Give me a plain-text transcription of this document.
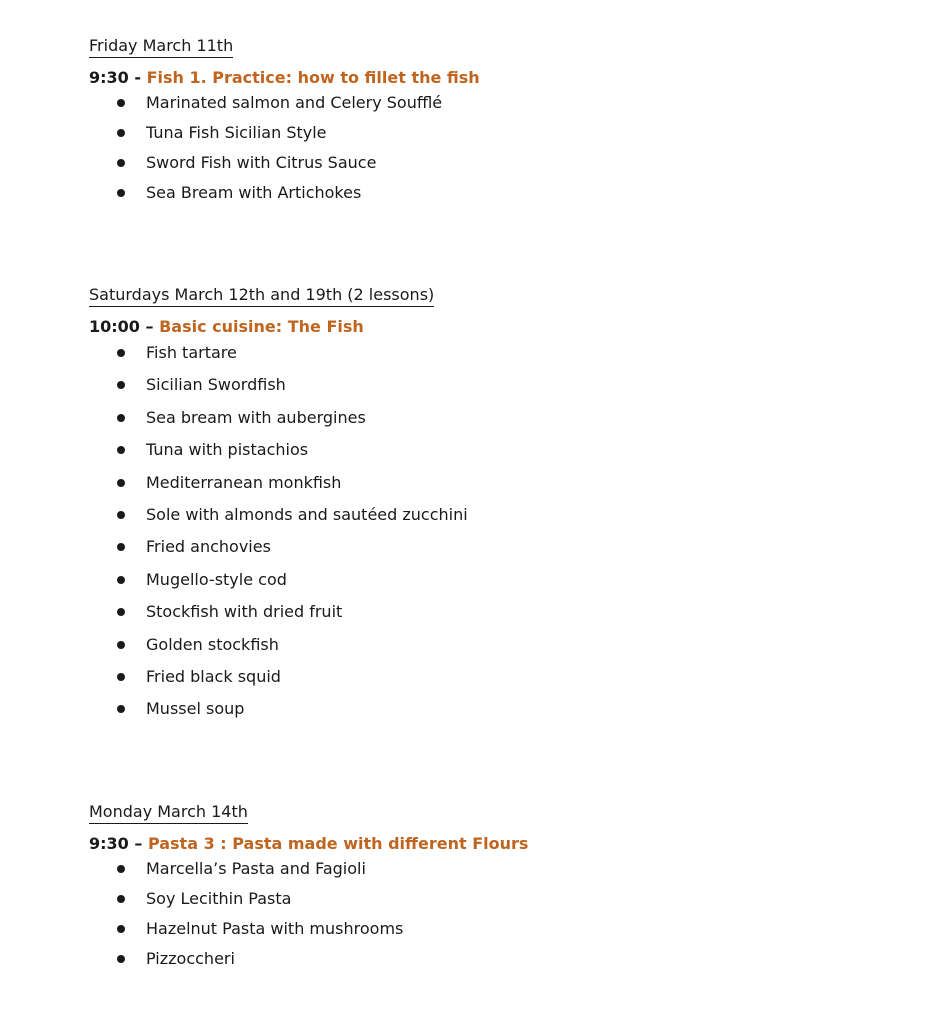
Friday March 11th
9:30 - Fish 1. Practice: how to fillet the fish
Marinated salmon and Celery Soufflé
Tuna Fish Sicilian Style
Sword Fish with Citrus Sauce
Sea Bream with Artichokes
Saturdays March 12th and 19th (2 lessons)
10:00 – Basic cuisine: The Fish
Fish tartare
Sicilian Swordfish
Sea bream with aubergines
Tuna with pistachios
Mediterranean monkfish
Sole with almonds and sautéed zucchini
Fried anchovies
Mugello-style cod
Stockfish with dried fruit
Golden stockfish
Fried black squid
Mussel soup
Monday March 14th
9:30 – Pasta 3 : Pasta made with different Flours
Marcella’s Pasta and Fagioli
Soy Lecithin Pasta
Hazelnut Pasta with mushrooms
Pizzoccheri
